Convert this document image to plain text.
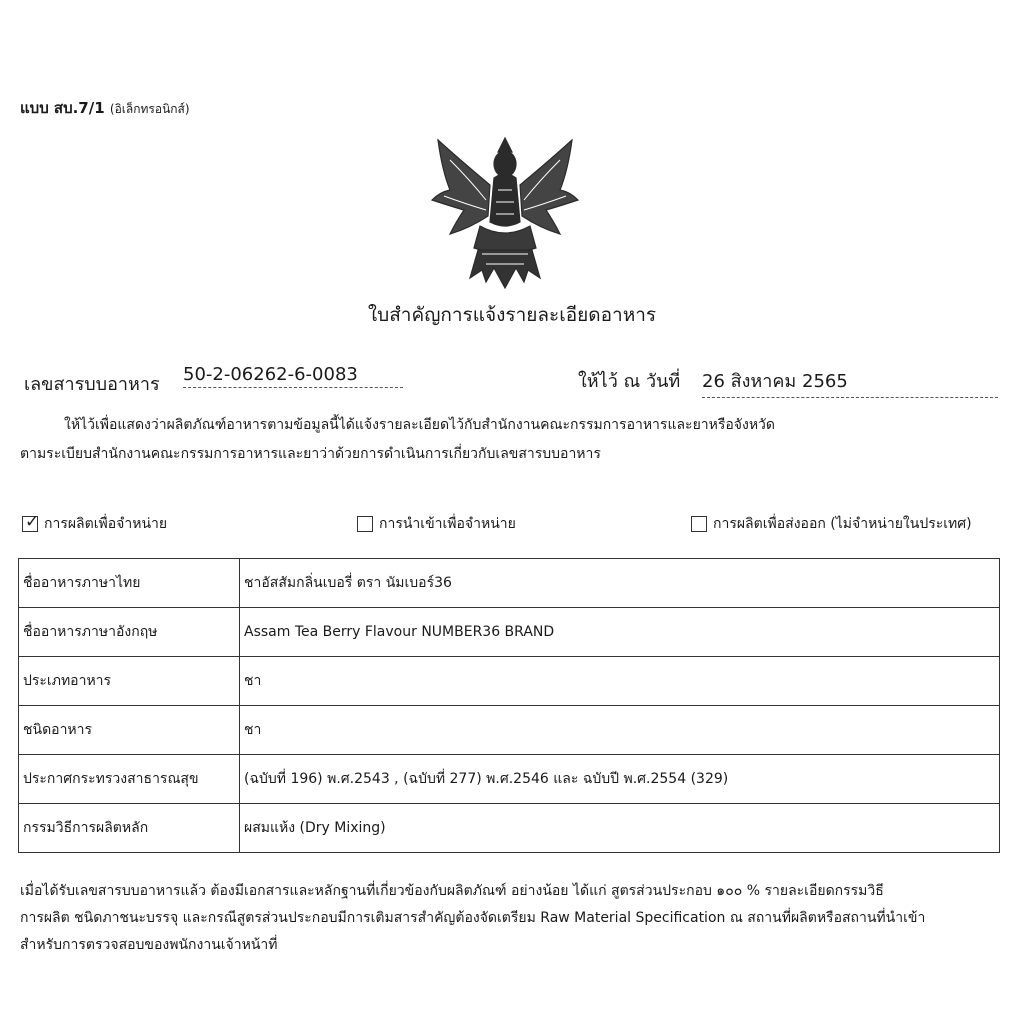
แบบ สบ.7/1 (อิเล็กทรอนิกส์)
ใบสำคัญการแจ้งรายละเอียดอาหาร
เลขสารบบอาหาร 50-2-06262-6-0083	ให้ไว้ ณ วันที่ 26 สิงหาคม 2565
ให้ไว้เพื่อแสดงว่าผลิตภัณฑ์อาหารตามข้อมูลนี้ได้แจ้งรายละเอียดไว้กับสำนักงานคณะกรรมการอาหารและยาหรือจังหวัด
ตามระเบียบสำนักงานคณะกรรมการอาหารและยาว่าด้วยการดำเนินการเกี่ยวกับเลขสารบบอาหาร
✓ การผลิตเพื่อจำหน่าย	การนำเข้าเพื่อจำหน่าย	การผลิตเพื่อส่งออก (ไม่จำหน่ายในประเทศ)
ชื่ออาหารภาษาไทย	ชาอัสสัมกลิ่นเบอรี่ ตรา นัมเบอร์36
ชื่ออาหารภาษาอังกฤษ	Assam Tea Berry Flavour NUMBER36 BRAND
ประเภทอาหาร	ชา
ชนิดอาหาร	ชา
ประกาศกระทรวงสาธารณสุข	(ฉบับที่ 196) พ.ศ.2543 , (ฉบับที่ 277) พ.ศ.2546 และ ฉบับปี พ.ศ.2554 (329)
กรรมวิธีการผลิตหลัก	ผสมแห้ง (Dry Mixing)
เมื่อได้รับเลขสารบบอาหารแล้ว ต้องมีเอกสารและหลักฐานที่เกี่ยวข้องกับผลิตภัณฑ์ อย่างน้อย ได้แก่ สูตรส่วนประกอบ ๑๐๐ % รายละเอียดกรรมวิธี
การผลิต ชนิดภาชนะบรรจุ และกรณีสูตรส่วนประกอบมีการเติมสารสำคัญต้องจัดเตรียม Raw Material Specification ณ สถานที่ผลิตหรือสถานที่นำเข้า
สำหรับการตรวจสอบของพนักงานเจ้าหน้าที่
